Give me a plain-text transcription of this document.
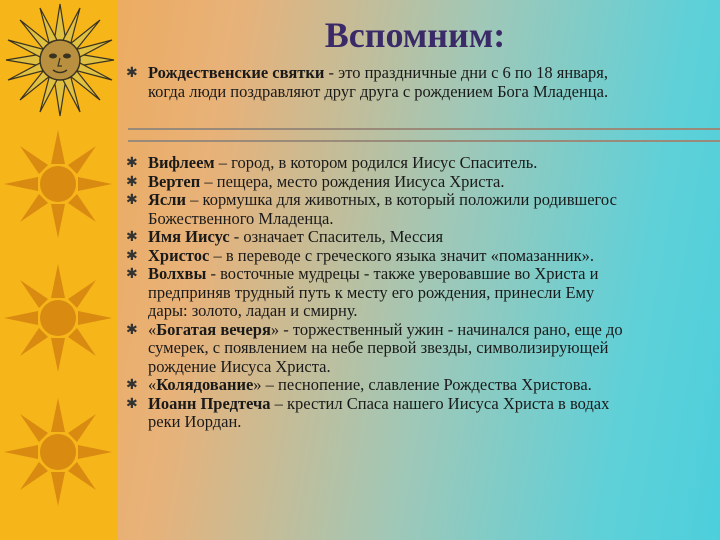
Вспомним:
✱ Рождественские святки - это праздничные дни с 6 по 18 января,
когда люди поздравляют друг друга с рождением Бога Младенца.
✱ Вифлеем – город, в котором родился Иисус Спаситель.
✱ Вертеп – пещера, место рождения Иисуса Христа.
✱ Ясли – кормушка для животных, в который положили родившегос
Божественного Младенца.
✱ Имя Иисус - означает Спаситель, Мессия
✱ Христос – в переводе с греческого языка значит «помазанник».
✱ Волхвы - восточные мудрецы - также уверовавшие во Христа и
предприняв трудный путь к месту его рождения, принесли Ему
дары: золото, ладан и смирну.
✱ «Богатая вечеря» - торжественный ужин - начинался рано, еще до
сумерек, с появлением на небе первой звезды, символизирующей
рождение Иисуса Христа.
✱ «Колядование» – песнопение, славление Рождества Христова.
✱ Иоанн Предтеча – крестил Спаса нашего Иисуса Христа в водах
реки Иордан.
